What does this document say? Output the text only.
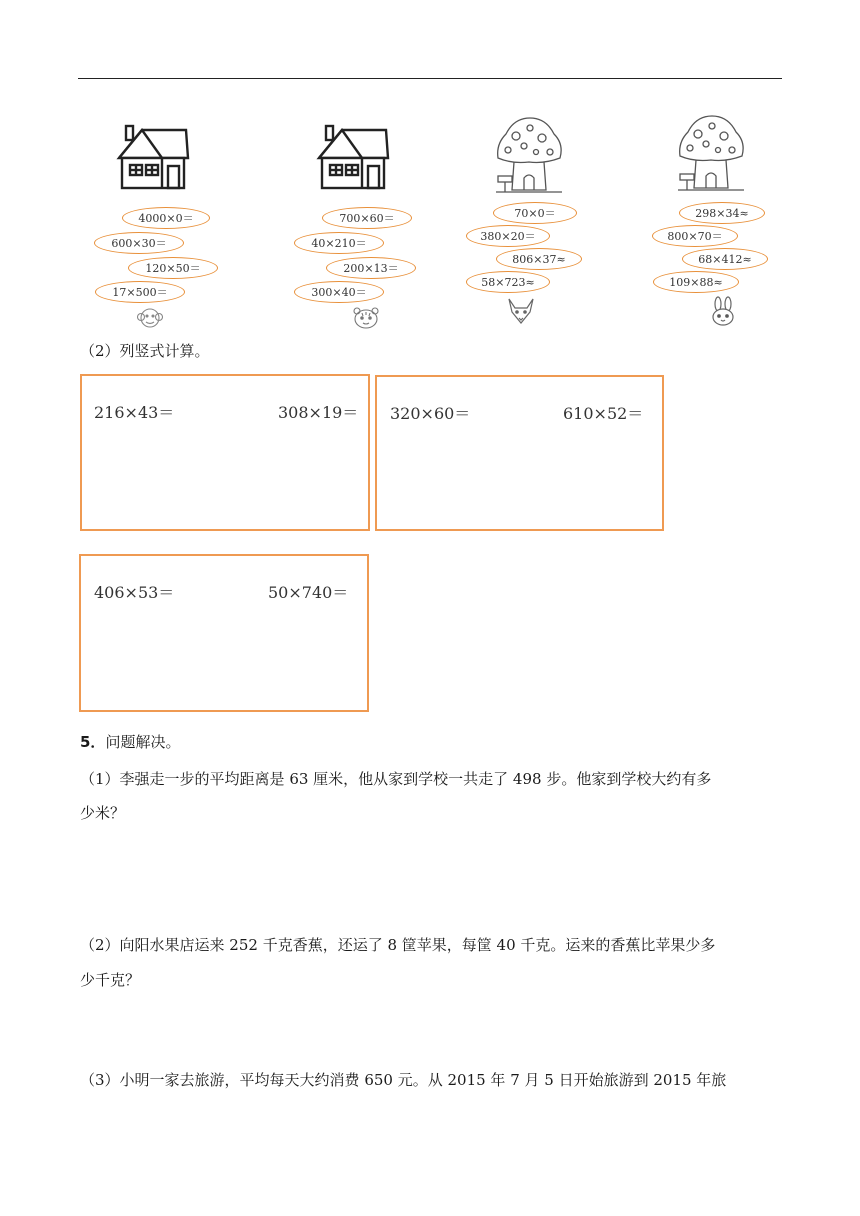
4000×0＝
600×30＝
120×50＝
17×500＝
700×60＝
40×210＝
200×13＝
300×40＝
70×0＝
380×20＝
806×37≈
58×723≈
298×34≈
800×70＝
68×412≈
109×88≈
（2）列竖式计算。
216×43＝	308×19＝ 320×60＝	610×52＝
406×53＝	50×740＝
5．问题解决。
（1）李强走一步的平均距离是 63 厘米，他从家到学校一共走了 498 步。他家到学校大约有多
少米？
（2）向阳水果店运来 252 千克香蕉，还运了 8 筐苹果，每筐 40 千克。运来的香蕉比苹果少多
少千克？
（3）小明一家去旅游，平均每天大约消费 650 元。从 2015 年 7 月 5 日开始旅游到 2015 年旅
